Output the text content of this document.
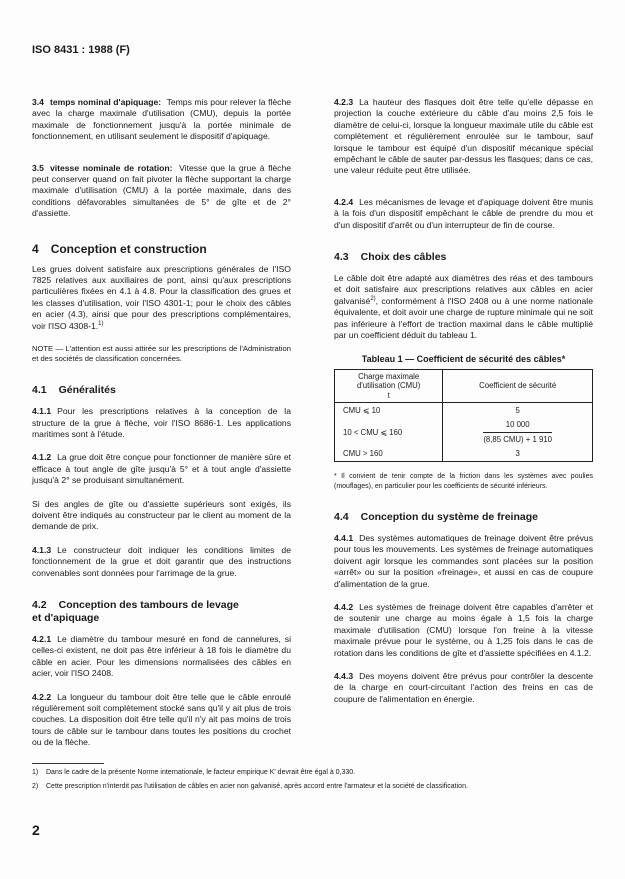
ISO 8431 : 1988 (F)
3.4 temps nominal d'apiquage: Temps mis pour relever la flèche avec la charge maximale d'utilisation (CMU), depuis la portée maximale de fonctionnement jusqu'à la portée minimale de fonctionnement, en utilisant seulement le dispositif d'apiquage.
3.5 vitesse nominale de rotation: Vitesse que la grue à flèche peut conserver quand on fait pivoter la flèche supportant la charge maximale d'utilisation (CMU) à la portée maximale, dans des conditions défavorables simultanées de 5° de gîte et de 2° d'assiette.
4 Conception et construction
Les grues doivent satisfaire aux prescriptions générales de l'ISO 7825 relatives aux auxiliaires de pont, ainsi qu'aux prescriptions particulières fixées en 4.1 à 4.8. Pour la classification des grues et les classes d'utilisation, voir l'ISO 4301-1; pour le choix des câbles en acier (4.3), ainsi que pour des prescriptions complémentaires, voir l'ISO 4308-1.$^{1)}$
NOTE — L'attention est aussi attirée sur les prescriptions de l'Administration et des sociétés de classification concernées.
4.1 Généralités
4.1.1 Pour les prescriptions relatives à la conception de la structure de la grue à flèche, voir l'ISO 8686-1. Les applications maritimes sont à l'étude.
4.1.2 La grue doit être conçue pour fonctionner de manière sûre et efficace à tout angle de gîte jusqu'à 5° et à tout angle d'assiette jusqu'à 2° se produisant simultanément.
Si des angles de gîte ou d'assiette supérieurs sont exigés, ils doivent être indiqués au constructeur par le client au moment de la demande de prix.
4.1.3 Le constructeur doit indiquer les conditions limites de fonctionnement de la grue et doit garantir que des instructions convenables sont données pour l'arrimage de la grue.
4.2 Conception des tambours de levage
et d'apiquage
4.2.1 Le diamètre du tambour mesuré en fond de cannelures, si celles-ci existent, ne doit pas être inférieur à 18 fois le diamètre du câble en acier. Pour les dimensions normalisées des câbles en acier, voir l'ISO 2408.
4.2.2 La longueur du tambour doit être telle que le câble enroulé régulièrement soit complètement stocké sans qu'il y ait plus de trois couches. La disposition doit être telle qu'il n'y ait pas moins de trois tours de câble sur le tambour dans toutes les positions du crochet ou de la flèche.
4.2.3 La hauteur des flasques doit être telle qu'elle dépasse en projection la couche extérieure du câble d'au moins 2,5 fois le diamètre de celui-ci, lorsque la longueur maximale utile du câble est complètement et régulièrement enroulée sur le tambour, sauf lorsque le tambour est équipé d'un dispositif mécanique spécial empêchant le câble de sauter par-dessus les flasques; dans ce cas, une valeur réduite peut être utilisée.
4.2.4 Les mécanismes de levage et d'apiquage doivent être munis à la fois d'un dispositif empêchant le câble de prendre du mou et d'un dispositif d'arrêt ou d'un interrupteur de fin de course.
4.3 Choix des câbles
Le câble doit être adapté aux diamètres des réas et des tambours et doit satisfaire aux prescriptions relatives aux câbles en acier galvanisé$^{2)}$, conformément à l'ISO 2408 ou à une norme nationale équivalente, et doit avoir une charge de rupture minimale qui ne soit pas inférieure à l'effort de traction maximal dans le câble multiplié par un coefficient déduit du tableau 1.
Tableau 1 — Coefficient de sécurité des câbles*
Charge maximale
d'utilisation (CMU)
t	Coefficient de sécurité
CMU ⩽ 10	5
10 < CMU ⩽ 160	$\frac{10 000}{\text{(8,85 CMU) + 1 910}}$

CMU > 160	3
* Il convient de tenir compte de la friction dans les systèmes avec poulies (mouflages), en particulier pour les coefficients de sécurité inférieurs.
4.4 Conception du système de freinage
4.4.1 Des systèmes automatiques de freinage doivent être prévus pour tous les mouvements. Les systèmes de freinage automatiques doivent agir lorsque les commandes sont placées sur la position «arrêt» ou sur la position «freinage», et aussi en cas de coupure d'alimentation de la grue.
4.4.2 Les systèmes de freinage doivent être capables d'arrêter et de soutenir une charge au moins égale à 1,5 fois la charge maximale d'utilisation (CMU) lorsque l'on freine à la vitesse maximale prévue pour le système, ou à 1,25 fois dans le cas de rotation dans les conditions de gîte et d'assiette spécifiées en 4.1.2.
4.4.3 Des moyens doivent être prévus pour contrôler la descente de la charge en court-circuitant l'action des freins en cas de coupure de l'alimentation en énergie.
1) Dans le cadre de la présente Norme internationale, le facteur empirique K' devrait être égal à 0,330.
2) Cette prescription n'interdit pas l'utilisation de câbles en acier non galvanisé, après accord entre l'armateur et la société de classification.
2
